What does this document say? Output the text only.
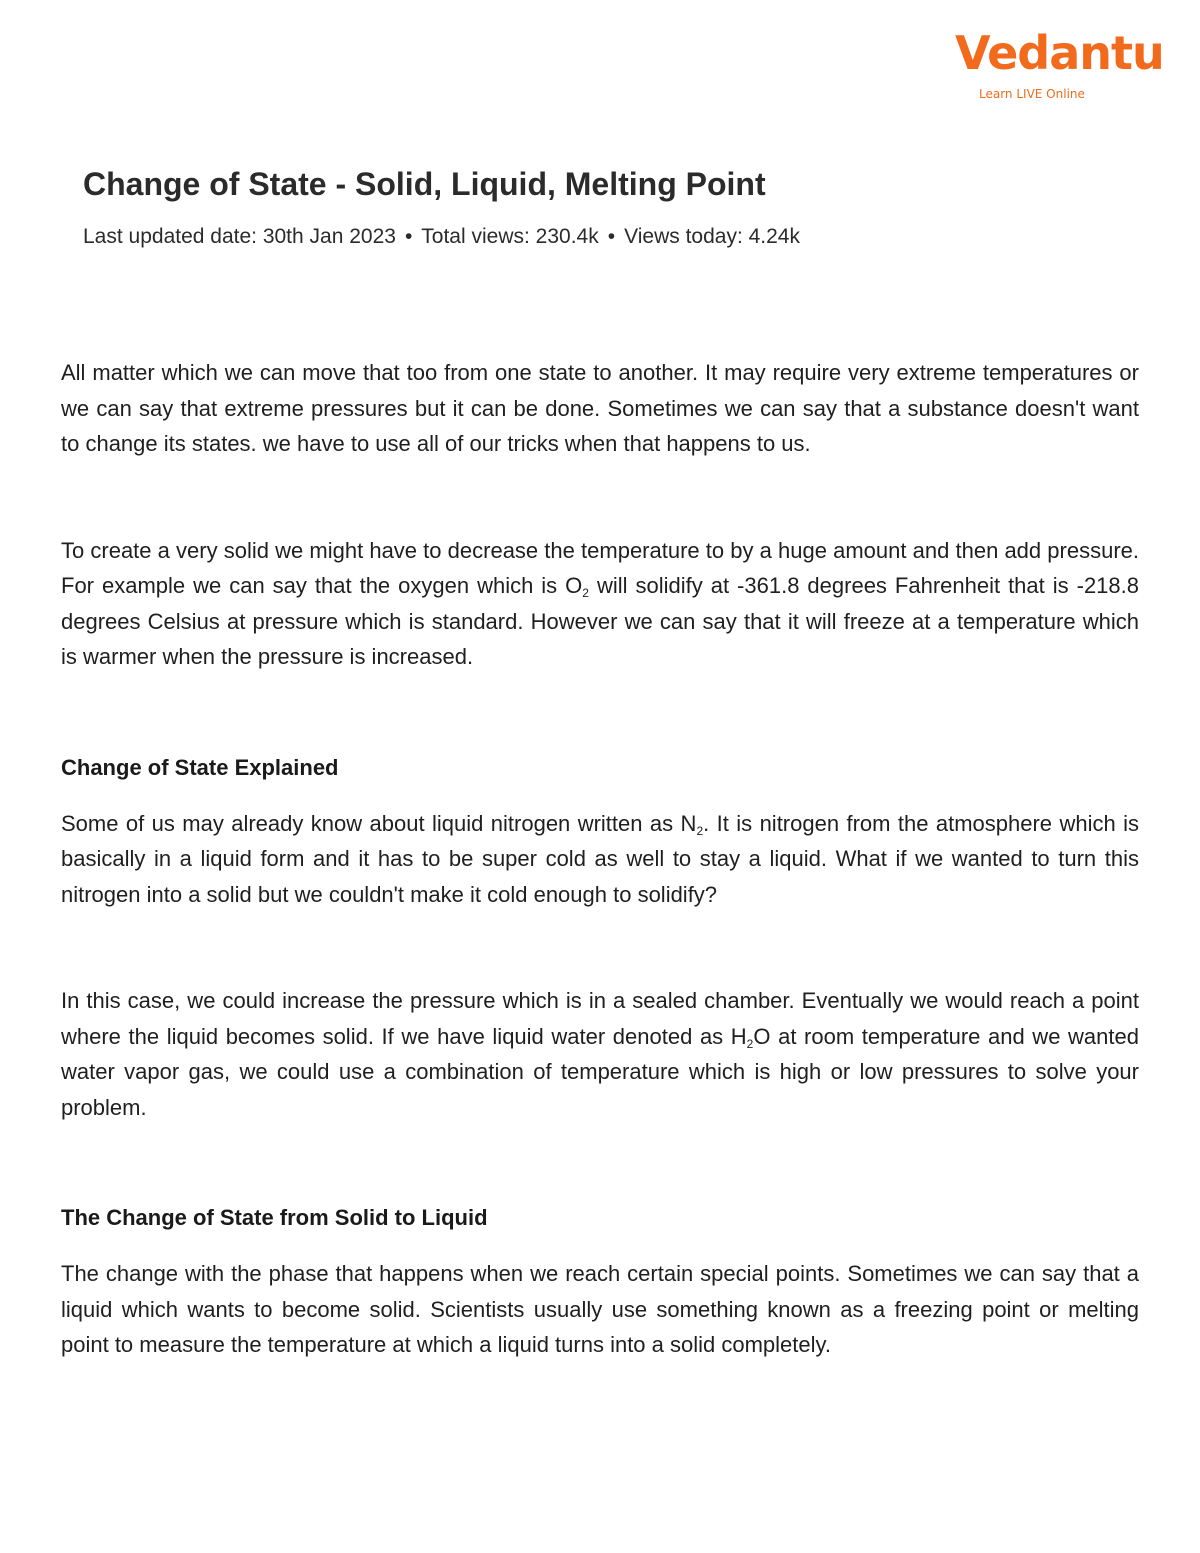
Vedantu
Learn LIVE Online
Change of State - Solid, Liquid, Melting Point
Last updated date: 30th Jan 2023 • Total views: 230.4k • Views today: 4.24k

All matter which we can move that too from one state to another. It may require very extreme temperatures or we can say that extreme pressures but it can be done. Sometimes we can say that a substance doesn't want to change its states. we have to use all of our tricks when that happens to us.

To create a very solid we might have to decrease the temperature to by a huge amount and then add pressure. For example we can say that the oxygen which is $O_2$ will solidify at -361.8 degrees Fahrenheit that is -218.8 degrees Celsius at pressure which is standard. However we can say that it will freeze at a temperature which is warmer when the pressure is increased.

Change of State Explained

Some of us may already know about liquid nitrogen written as $N_2$. It is nitrogen from the atmosphere which is basically in a liquid form and it has to be super cold as well to stay a liquid. What if we wanted to turn this nitrogen into a solid but we couldn't make it cold enough to solidify?

In this case, we could increase the pressure which is in a sealed chamber. Eventually we would reach a point where the liquid becomes solid. If we have liquid water denoted as $H_2O$ at room temperature and we wanted water vapor gas, we could use a combination of temperature which is high or low pressures to solve your problem.

The Change of State from Solid to Liquid

The change with the phase that happens when we reach certain special points. Sometimes we can say that a liquid which wants to become solid. Scientists usually use something known as a freezing point or melting point to measure the temperature at which a liquid turns into a solid completely.
